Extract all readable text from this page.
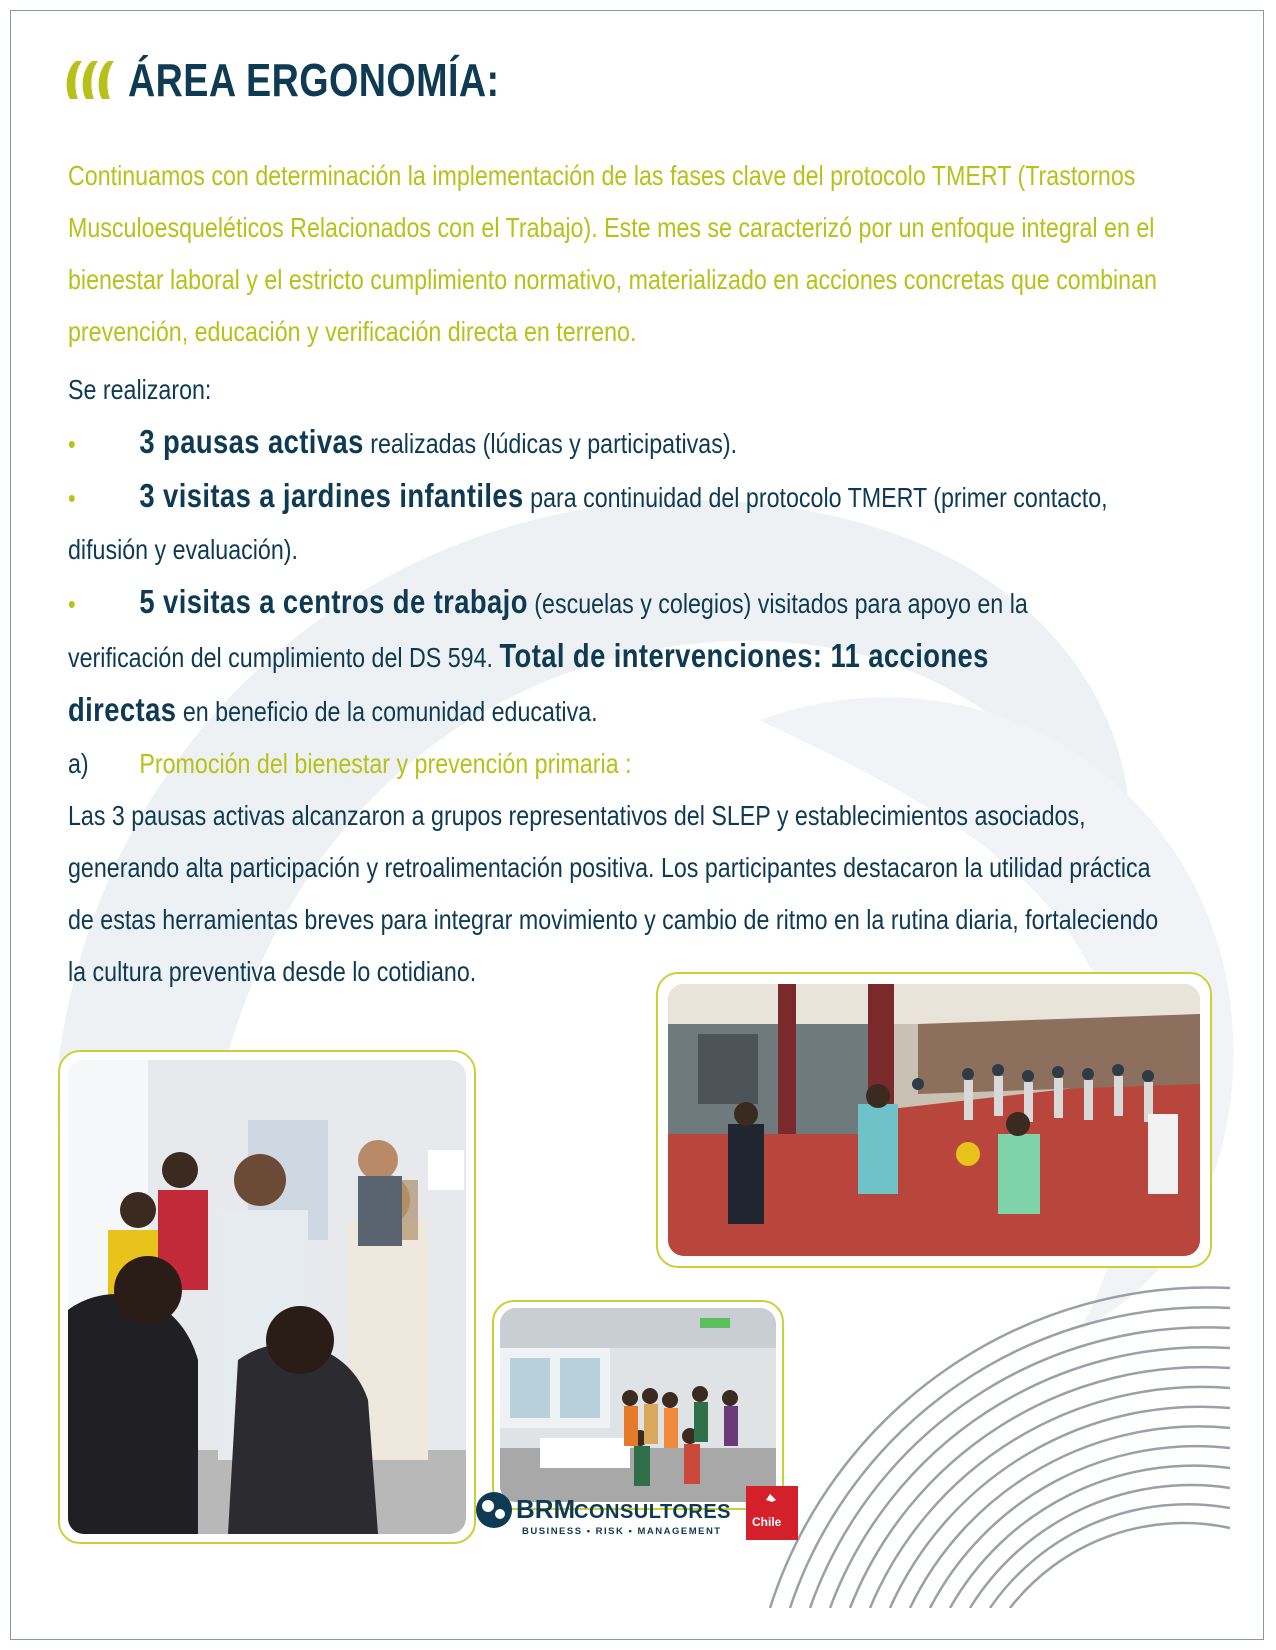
ÁREA ERGONOMÍA:
Continuamos con determinación la implementación de las fases clave del protocolo TMERT (Trastornos
Musculoesqueléticos Relacionados con el Trabajo). Este mes se caracterizó por un enfoque integral en el
bienestar laboral y el estricto cumplimiento normativo, materializado en acciones concretas que combinan
prevención, educación y verificación directa en terreno.
Se realizaron:
• 3 pausas activas realizadas (lúdicas y participativas).
• 3 visitas a jardines infantiles para continuidad del protocolo TMERT (primer contacto,
difusión y evaluación).
• 5 visitas a centros de trabajo (escuelas y colegios) visitados para apoyo en la
verificación del cumplimiento del DS 594. Total de intervenciones: 11 acciones
directas en beneficio de la comunidad educativa.
a) Promoción del bienestar y prevención primaria :
Las 3 pausas activas alcanzaron a grupos representativos del SLEP y establecimientos asociados,
generando alta participación y retroalimentación positiva. Los participantes destacaron la utilidad práctica
de estas herramientas breves para integrar movimiento y cambio de ritmo en la rutina diaria, fortaleciendo
la cultura preventiva desde lo cotidiano.
BRM
CONSULTORES
BUSINESS • RISK • MANAGEMENT
Chile
